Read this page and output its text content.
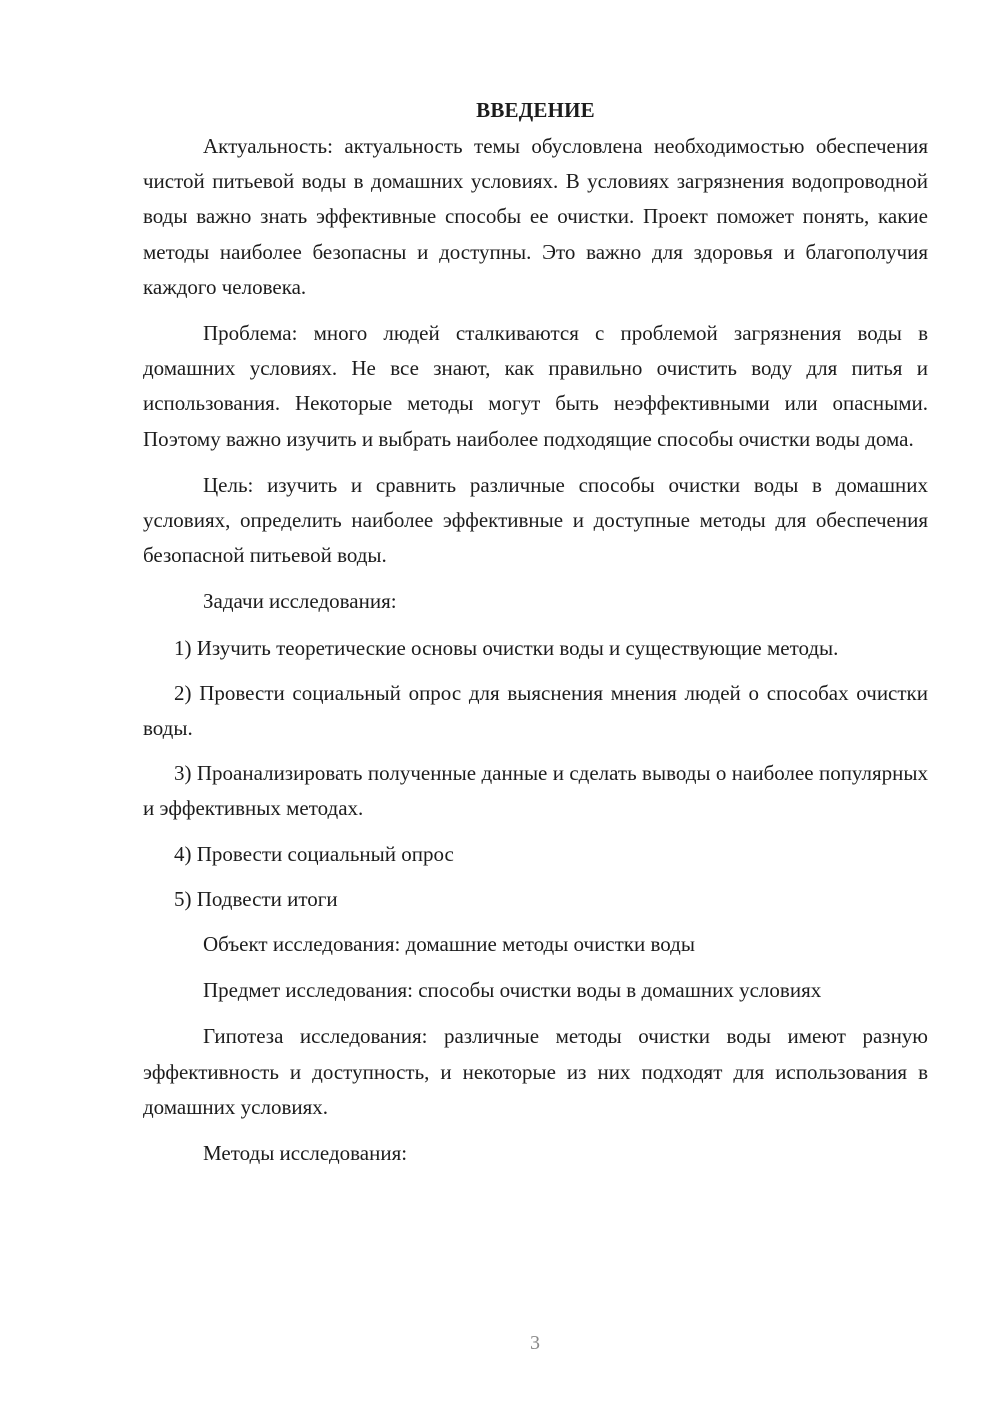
ВВЕДЕНИЕ

Актуальность: актуальность темы обусловлена необходимостью обеспечения чистой питьевой воды в домашних условиях. В условиях загрязнения водопроводной воды важно знать эффективные способы ее очистки. Проект поможет понять, какие методы наиболее безопасны и доступны. Это важно для здоровья и благополучия каждого человека.

Проблема: много людей сталкиваются с проблемой загрязнения воды в домашних условиях. Не все знают, как правильно очистить воду для питья и использования. Некоторые методы могут быть неэффективными или опасными. Поэтому важно изучить и выбрать наиболее подходящие способы очистки воды дома.

Цель: изучить и сравнить различные способы очистки воды в домашних условиях, определить наиболее эффективные и доступные методы для обеспечения безопасной питьевой воды.

Задачи исследования:

1) Изучить теоретические основы очистки воды и существующие методы.

2) Провести социальный опрос для выяснения мнения людей о способах очистки воды.

3) Проанализировать полученные данные и сделать выводы о наиболее популярных и эффективных методах.

4) Провести социальный опрос

5) Подвести итоги

Объект исследования: домашние методы очистки воды

Предмет исследования: способы очистки воды в домашних условиях

Гипотеза исследования: различные методы очистки воды имеют разную эффективность и доступность, и некоторые из них подходят для использования в домашних условиях.

Методы исследования:

3
